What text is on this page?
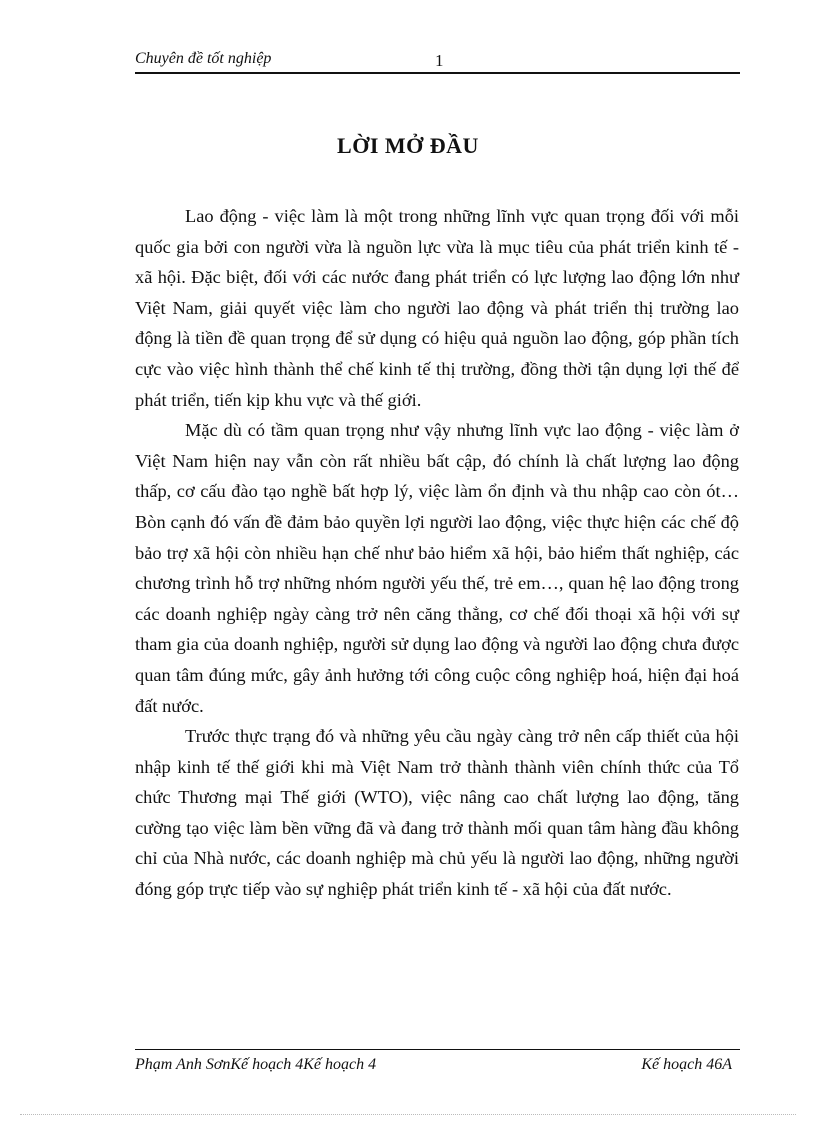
Chuyên đề tốt nghiệp	1
LỜI MỞ ĐẦU

Lao động - việc làm là một trong những lĩnh vực quan trọng đối với mỗi quốc gia bởi con người vừa là nguồn lực vừa là mục tiêu của phát triển kinh tế - xã hội. Đặc biệt, đối với các nước đang phát triển có lực lượng lao động lớn như Việt Nam, giải quyết việc làm cho người lao động và phát triển thị trường lao động là tiền đề quan trọng để sử dụng có hiệu quả nguồn lao động, góp phần tích cực vào việc hình thành thể chế kinh tế thị trường, đồng thời tận dụng lợi thế để phát triển, tiến kịp khu vực và thế giới.

Mặc dù có tầm quan trọng như vậy nhưng lĩnh vực lao động - việc làm ở Việt Nam hiện nay vẫn còn rất nhiều bất cập, đó chính là chất lượng lao động thấp, cơ cấu đào tạo nghề bất hợp lý, việc làm ổn định và thu nhập cao còn ót…Bòn cạnh đó vấn đề đảm bảo quyền lợi người lao động, việc thực hiện các chế độ bảo trợ xã hội còn nhiều hạn chế như bảo hiểm xã hội, bảo hiểm thất nghiệp, các chương trình hỗ trợ những nhóm người yếu thế, trẻ em…, quan hệ lao động trong các doanh nghiệp ngày càng trở nên căng thẳng, cơ chế đối thoại xã hội với sự tham gia của doanh nghiệp, người sử dụng lao động và người lao động chưa được quan tâm đúng mức, gây ảnh hưởng tới công cuộc công nghiệp hoá, hiện đại hoá đất nước.

Trước thực trạng đó và những yêu cầu ngày càng trở nên cấp thiết của hội nhập kinh tế thế giới khi mà Việt Nam trở thành thành viên chính thức của Tổ chức Thương mại Thế giới (WTO), việc nâng cao chất lượng lao động, tăng cường tạo việc làm bền vững đã và đang trở thành mối quan tâm hàng đầu không chỉ của Nhà nước, các doanh nghiệp mà chủ yếu là người lao động, những người đóng góp trực tiếp vào sự nghiệp phát triển kinh tế - xã hội của đất nước.

Phạm Anh SơnKế hoạch 4Kế hoạch 4	Kế hoạch 46A
